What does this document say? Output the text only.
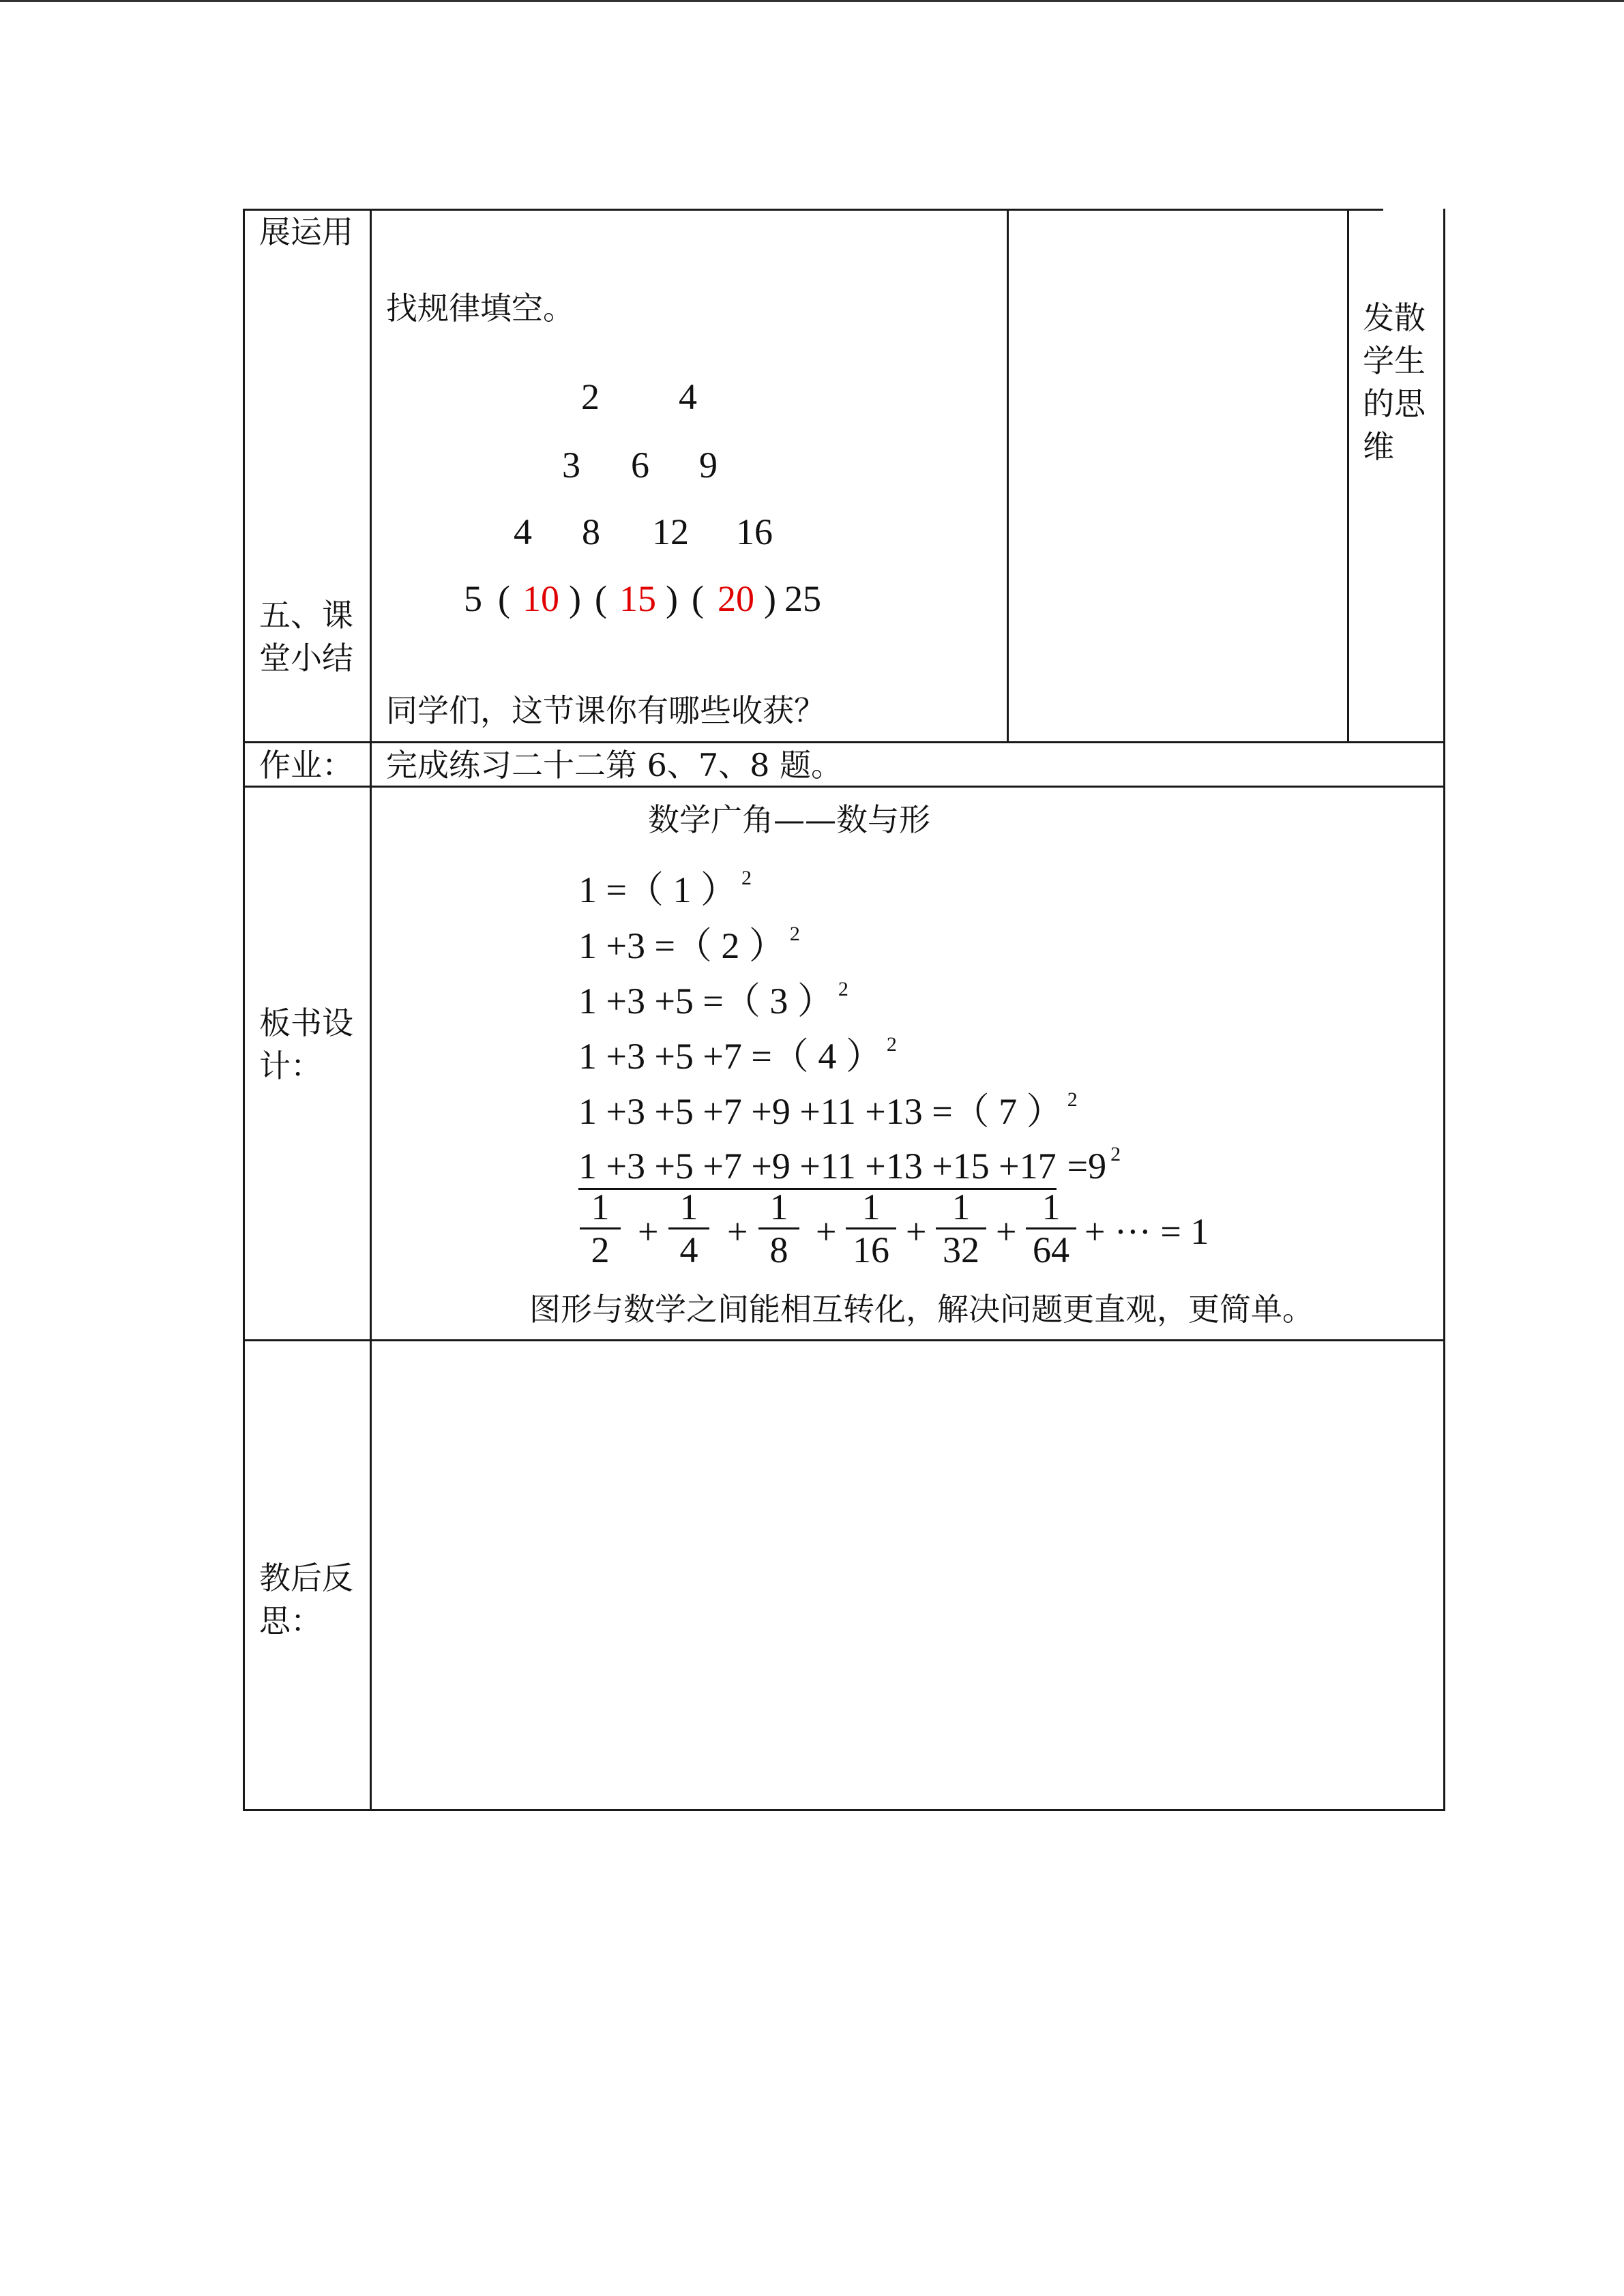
展运用
五、课
堂小结
找规律填空。
2 4
3 6 9
4 8 12 16
5 ( 10 ) ( 15 ) ( 20 ) 25
同学们，这节课你有哪些收获？
发散
学生
的思
维
作业： 完成练习二十二第 6、7、8 题。
板书设
计：
数学广角——数与形
1 =（ 1 ） $^2$
1 +3 =（ 2 ） $^2$
1 +3 +5 =（ 3 ） $^2$
1 +3 +5 +7 =（ 4 ） $^2$
1 +3 +5 +7 +9 +11 +13 =（ 7 ） $^2$
1 +3 +5 +7 +9 +11 +13 +15 +17 =9 $^2$
1
2 +
1
4 +
1
8 +
1
16 +
1
32 +
1
64 + ··· = 1
图形与数学之间能相互转化，解决问题更直观，更简单。
教后反
思：
